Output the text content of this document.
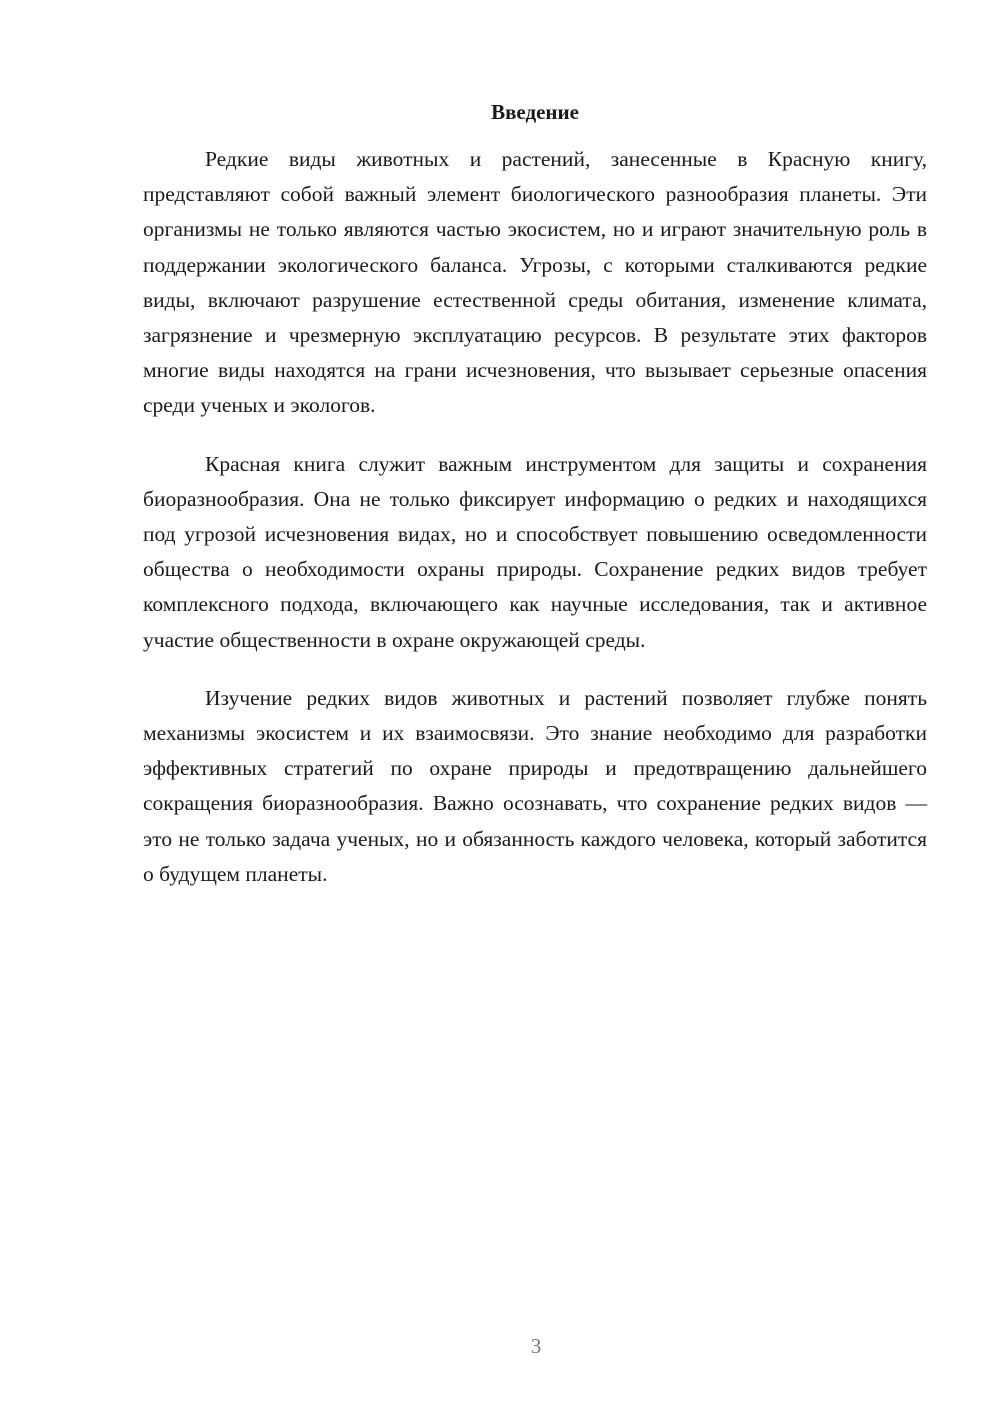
Введение

Редкие виды животных и растений, занесенные в Красную книгу, представляют собой важный элемент биологического разнообразия планеты. Эти организмы не только являются частью экосистем, но и играют значительную роль в поддержании экологического баланса. Угрозы, с которыми сталкиваются редкие виды, включают разрушение естественной среды обитания, изменение климата, загрязнение и чрезмерную эксплуатацию ресурсов. В результате этих факторов многие виды находятся на грани исчезновения, что вызывает серьезные опасения среди ученых и экологов.

Красная книга служит важным инструментом для защиты и сохранения биоразнообразия. Она не только фиксирует информацию о редких и находящихся под угрозой исчезновения видах, но и способствует повышению осведомленности общества о необходимости охраны природы. Сохранение редких видов требует комплексного подхода, включающего как научные исследования, так и активное участие общественности в охране окружающей среды.

Изучение редких видов животных и растений позволяет глубже понять механизмы экосистем и их взаимосвязи. Это знание необходимо для разработки эффективных стратегий по охране природы и предотвращению дальнейшего сокращения биоразнообразия. Важно осознавать, что сохранение редких видов — это не только задача ученых, но и обязанность каждого человека, который заботится о будущем планеты.

3
